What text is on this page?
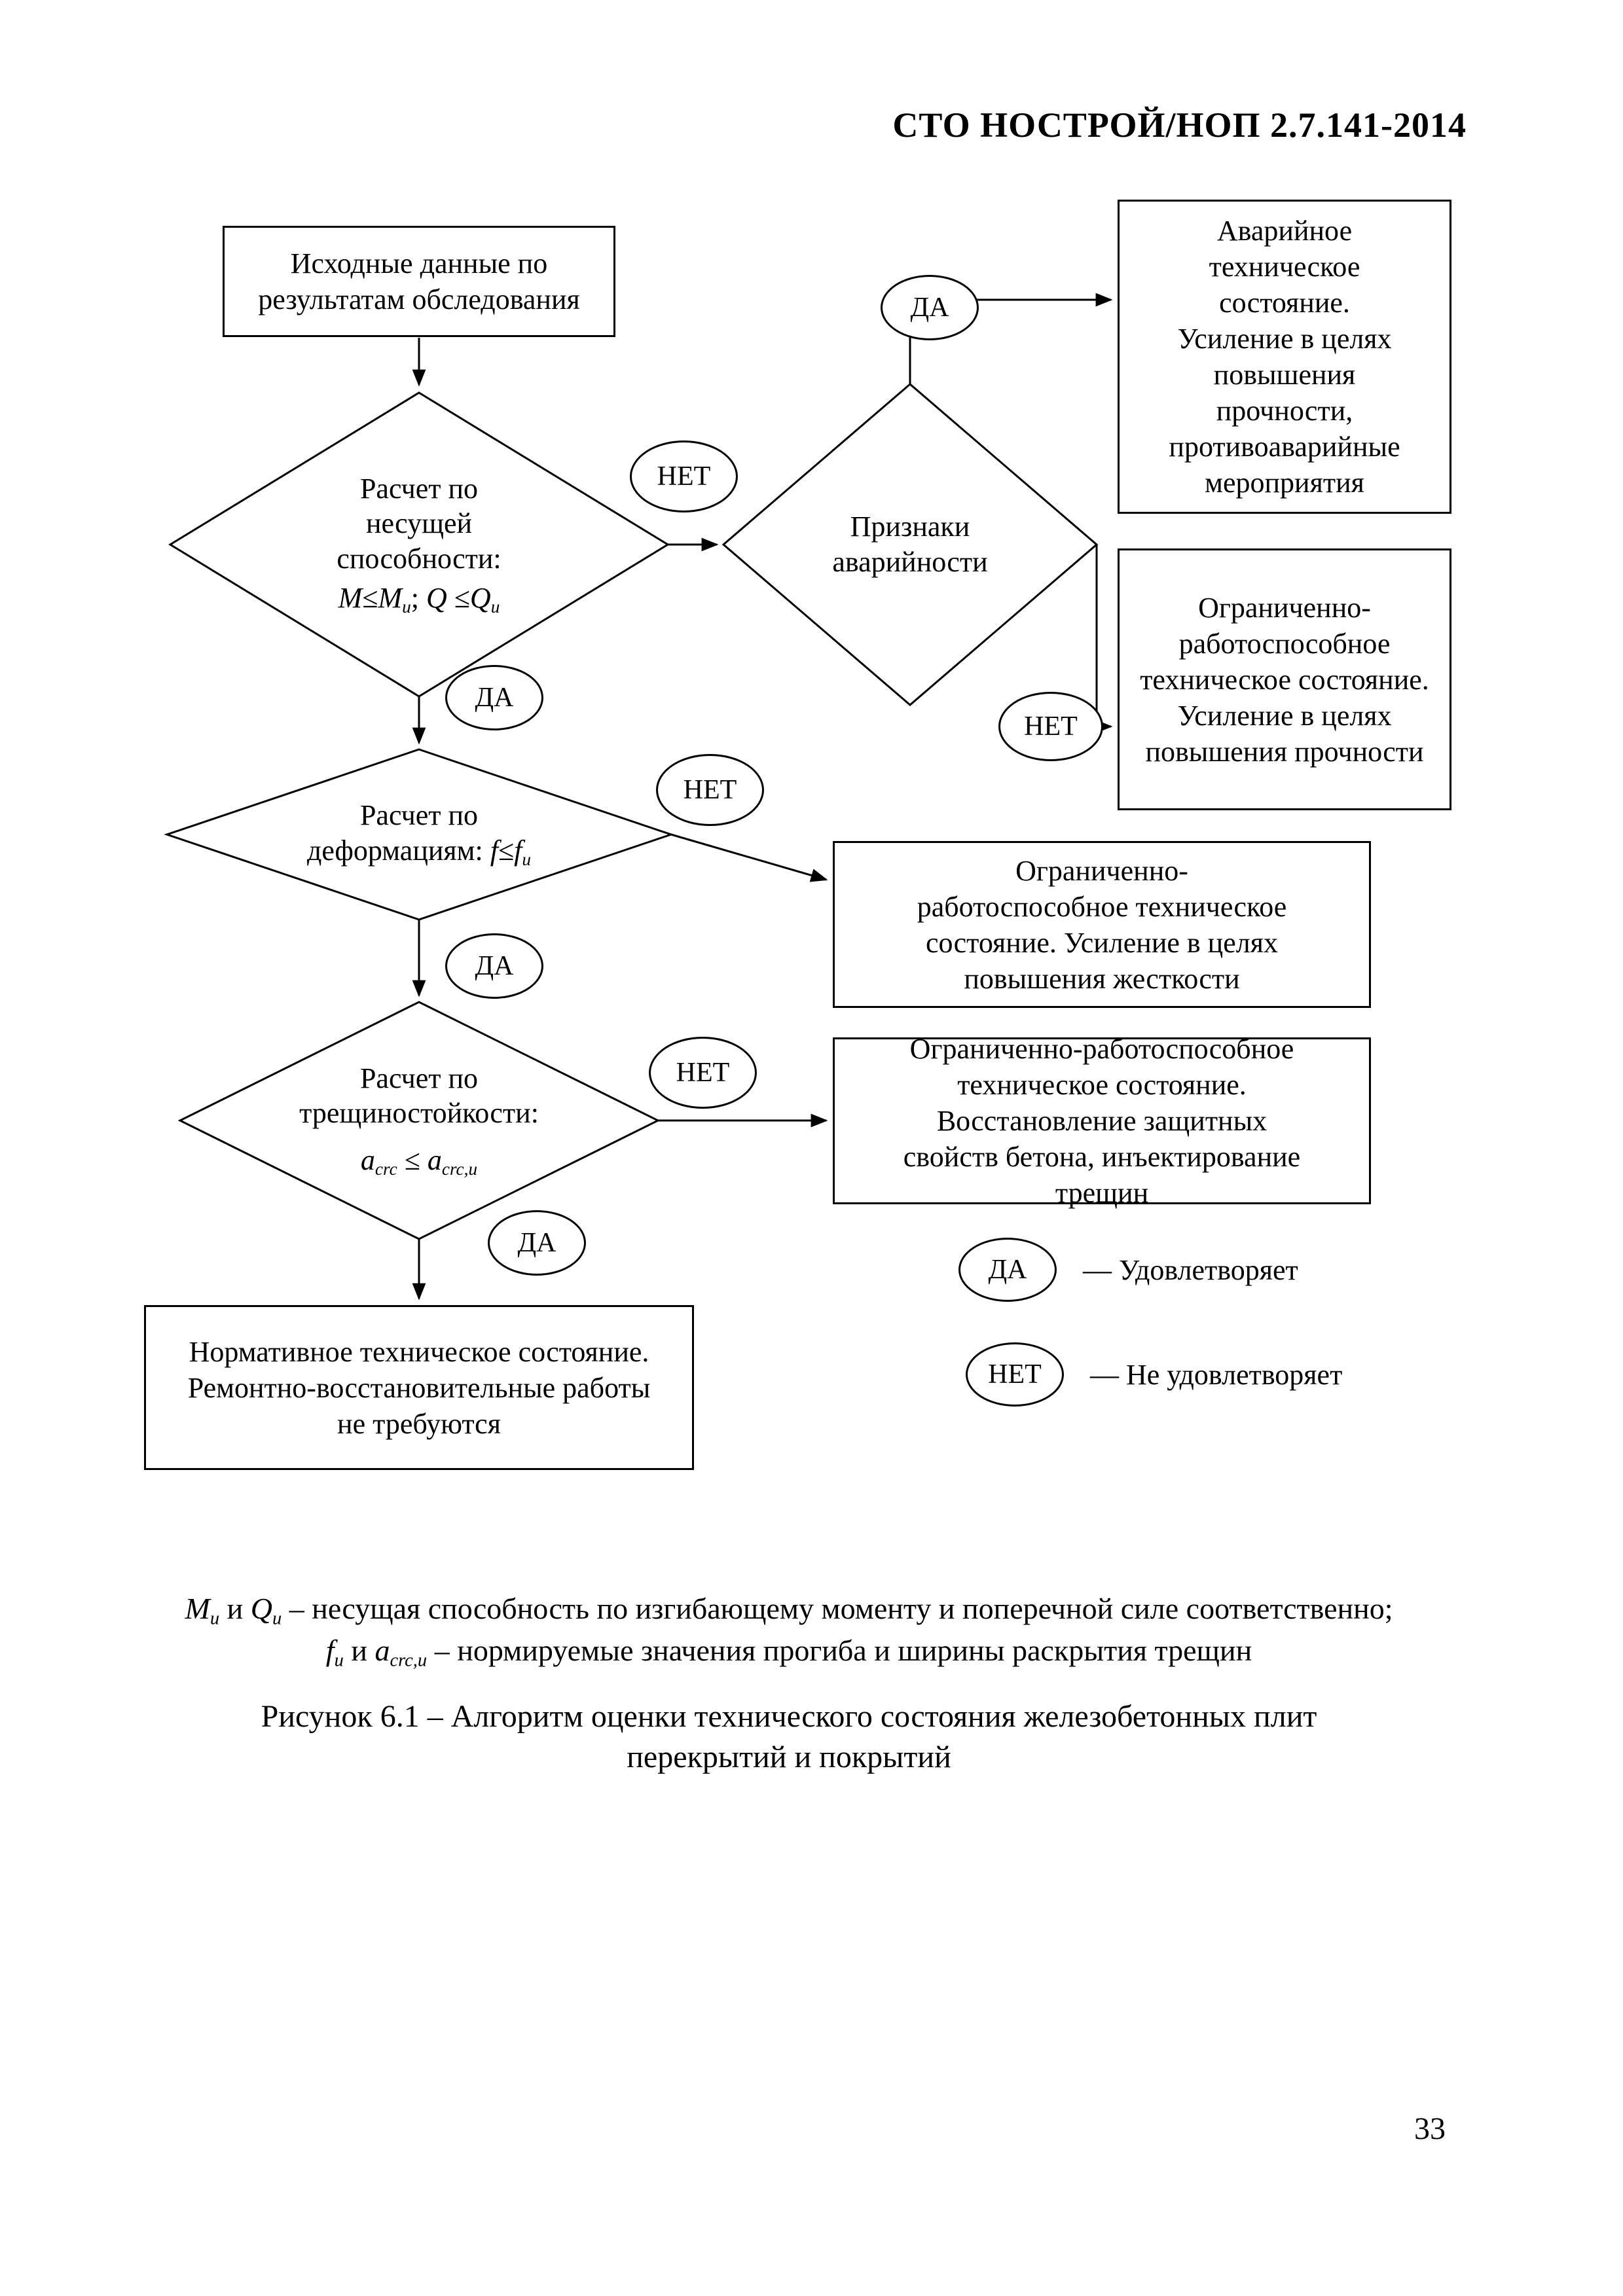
СТО НОСТРОЙ/НОП 2.7.141-2014
Исходные данные по результатам обследования
Аварийное техническое состояние. Усиление в целях повышения прочности, противоаварийные мероприятия
Ограниченно-работоспособное техническое состояние. Усиление в целях повышения прочности
Ограниченно-работоспособное техническое состояние. Усиление в целях повышения жесткости
Ограниченно-работоспособное техническое состояние. Восстановление защитных свойств бетона, инъектирование трещин
Нормативное техническое состояние. Ремонтно-восстановительные работы не требуются
Расчет по несущей способности:
$M\le M_u$; $Q \le Q_u$
Признаки аварийности
Расчет по деформациям: $f\le f_u$
Расчет по трещиностойкости:
$a_{crc} \le a_{crc,u}$
НЕТ
ДА
НЕТ
ДА
НЕТ
ДА
НЕТ
ДА
ДА	— Удовлетворяет
НЕТ	— Не удовлетворяет
$M_u$ и $Q_u$ – несущая способность по изгибающему моменту и поперечной силе соответственно;
$f_u$ и $a_{crc,u}$ – нормируемые значения прогиба и ширины раскрытия трещин
Рисунок 6.1 – Алгоритм оценки технического состояния железобетонных плит
перекрытий и покрытий
33
